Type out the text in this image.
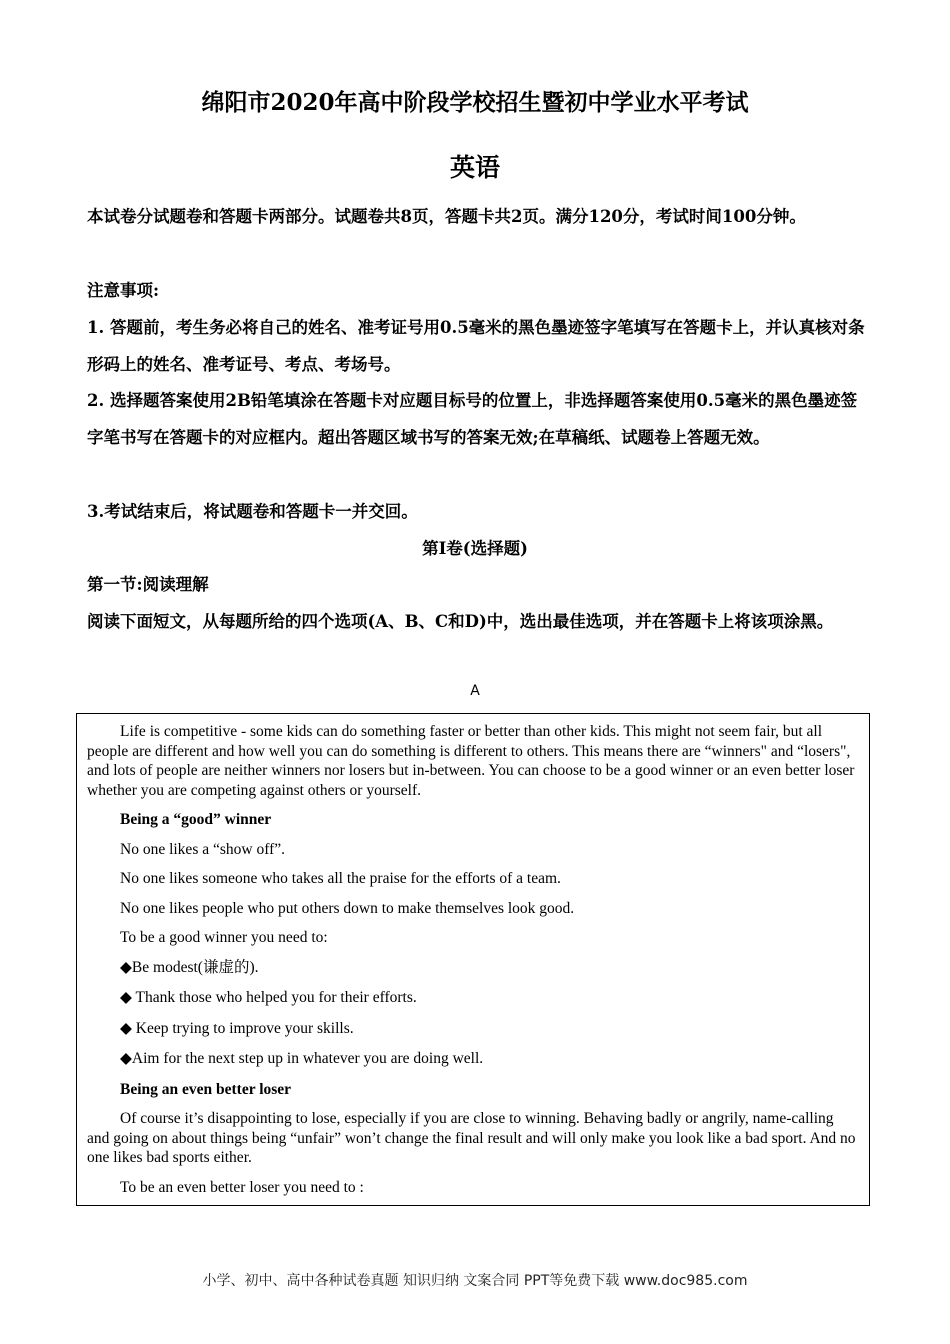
绵阳市2020年高中阶段学校招生暨初中学业水平考试
英语
本试卷分试题卷和答题卡两部分。试题卷共8页，答题卡共2页。满分120分，考试时间100分钟。
注意事项:
1. 答题前，考生务必将自己的姓名、准考证号用0.5毫米的黑色墨迹签字笔填写在答题卡上，并认真核对条形码上的姓名、准考证号、考点、考场号。
2. 选择题答案使用2B铅笔填涂在答题卡对应题目标号的位置上，非选择题答案使用0.5毫米的黑色墨迹签字笔书写在答题卡的对应框内。超出答题区域书写的答案无效;在草稿纸、试题卷上答题无效。
3.考试结束后，将试题卷和答题卡一并交回。
第I卷(选择题)
第一节:阅读理解
阅读下面短文，从每题所给的四个选项(A、B、C和D)中，选出最佳选项，并在答题卡上将该项涂黑。
A

Life is competitive - some kids can do something faster or better than other kids. This might not seem fair, but all people are different and how well you can do something is different to others. This means there are “winners" and “losers", and lots of people are neither winners nor losers but in-between. You can choose to be a good winner or an even better loser whether you are competing against others or yourself.

Being a “good” winner

No one likes a “show off”.

No one likes someone who takes all the praise for the efforts of a team.

No one likes people who put others down to make themselves look good.

To be a good winner you need to:

◆Be modest(谦虚的).

◆ Thank those who helped you for their efforts.

◆ Keep trying to improve your skills.

◆Aim for the next step up in whatever you are doing well.

Being an even better loser

Of course it’s disappointing to lose, especially if you are close to winning. Behaving badly or angrily, name-calling and going on about things being “unfair” won’t change the final result and will only make you look like a bad sport. And no one likes bad sports either.

To be an even better loser you need to :

小学、初中、高中各种试卷真题 知识归纳 文案合同 PPT等免费下载 www.doc985.com
